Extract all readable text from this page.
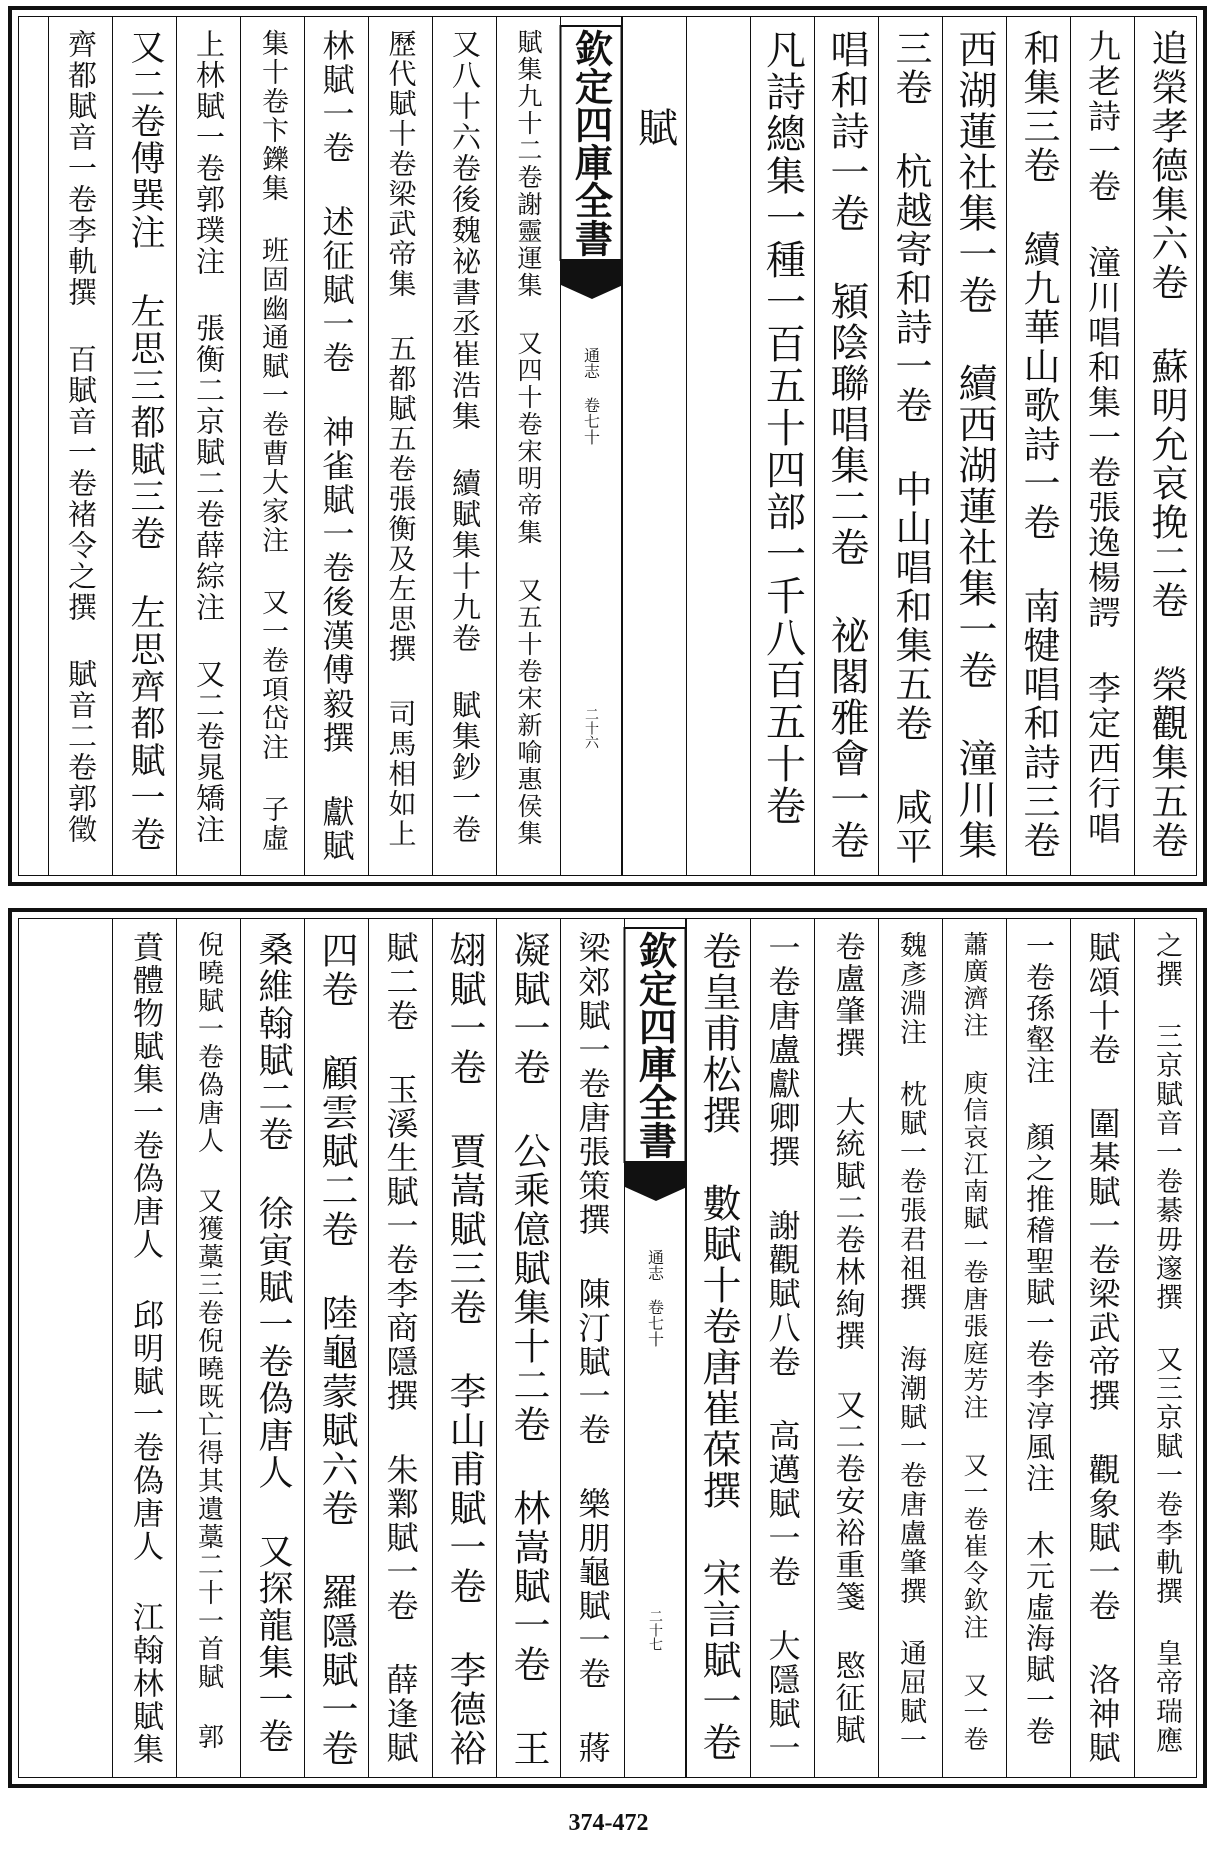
追榮孝德集六卷 蘇明允哀挽二卷 榮觀集五卷
九老詩一卷 潼川唱和集一卷張逸楊諤 李定西行唱
和集三卷 續九華山歌詩一卷 南犍唱和詩三卷
西湖蓮社集一卷 續西湖蓮社集一卷 潼川集
三卷 杭越寄和詩一卷 中山唱和集五卷 咸平
唱和詩一卷 潁陰聯唱集二卷 祕閣雅會一卷
凡詩總集一種一百五十四部一千八百五十卷
賦
欽定四庫全書
通志
卷七十
二十六
賦集九十二卷謝靈運集 又四十卷宋明帝集 又五十卷宋新喻惠侯集
又八十六卷後魏祕書丞崔浩集 續賦集十九卷 賦集鈔一卷
歷代賦十卷梁武帝集 五都賦五卷張衡及左思撰 司馬相如上
林賦一卷 述征賦一卷 神雀賦一卷後漢傅毅撰 獻賦
集十卷卞鑠集 班固幽通賦一卷曹大家注 又一卷項岱注 子虛
上林賦一卷郭璞注 張衡二京賦二卷薛綜注 又二卷晁矯注
又二卷傅巽注 左思三都賦三卷 左思齊都賦一卷
齊都賦音一卷李軌撰 百賦音一卷褚令之撰 賦音二卷郭徵
之撰 三京賦音一卷綦毋邃撰 又三京賦一卷李軌撰 皇帝瑞應
賦頌十卷 圍棊賦一卷梁武帝撰 觀象賦一卷 洛神賦
一卷孫壑注 顏之推稽聖賦一卷李淳風注 木元虛海賦一卷
蕭廣濟注 庾信哀江南賦一卷唐張庭芳注 又一卷崔令欽注 又一卷
魏彥淵注 枕賦一卷張君祖撰 海潮賦一卷唐盧肇撰 通屈賦一
卷盧肇撰 大統賦二卷林絢撰 又二卷安裕重箋 愍征賦
一卷唐盧獻卿撰 謝觀賦八卷 高邁賦一卷 大隱賦一
卷皇甫松撰 數賦十卷唐崔葆撰 宋言賦一卷
欽定四庫全書
通志
卷七十
二十七
梁郊賦一卷唐張策撰 陳汀賦一卷 樂朋龜賦一卷 蔣
凝賦一卷 公乘億賦集十二卷 林嵩賦一卷 王
翃賦一卷 賈嵩賦三卷 李山甫賦一卷 李德裕
賦二卷 玉溪生賦一卷李商隱撰 朱鄴賦一卷 薛逢賦
四卷 顧雲賦二卷 陸龜蒙賦六卷 羅隱賦一卷
桑維翰賦二卷 徐寅賦一卷偽唐人 又探龍集一卷
倪曉賦一卷偽唐人 又獲藁三卷倪曉既亡得其遺藁二十一首賦 郭
賁體物賦集一卷偽唐人 邱明賦一卷偽唐人 江翰林賦集
374-472
